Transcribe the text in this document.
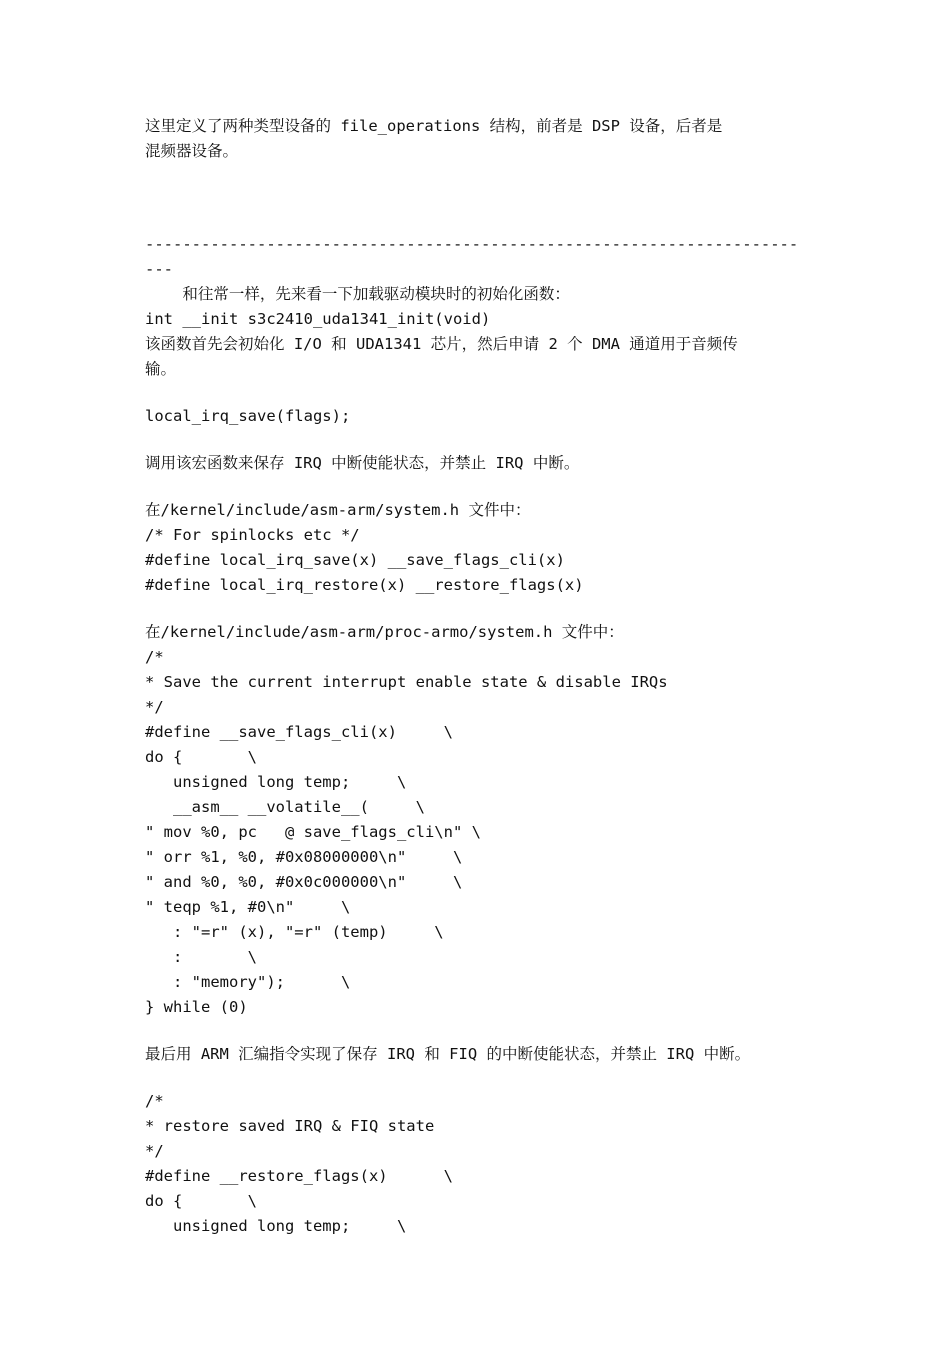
这里定义了两种类型设备的 file_operations 结构，前者是 DSP 设备，后者是

混频器设备。

----------------------------------------------------------------------

---

和往常一样，先来看一下加载驱动模块时的初始化函数：

int __init s3c2410_uda1341_init(void)

该函数首先会初始化 I/O 和 UDA1341 芯片，然后申请 2 个 DMA 通道用于音频传

输。

local_irq_save(flags);

调用该宏函数来保存 IRQ 中断使能状态，并禁止 IRQ 中断。

在/kernel/include/asm-arm/system.h 文件中：

/* For spinlocks etc */

#define local_irq_save(x) __save_flags_cli(x)

#define local_irq_restore(x) __restore_flags(x)

在/kernel/include/asm-arm/proc-armo/system.h 文件中：

/*

* Save the current interrupt enable state & disable IRQs

*/

#define __save_flags_cli(x)     \

do {       \

unsigned long temp;     \

__asm__ __volatile__(     \

" mov %0, pc   @ save_flags_cli\n" \

" orr %1, %0, #0x08000000\n"     \

" and %0, %0, #0x0c000000\n"     \

" teqp %1, #0\n"     \

: "=r" (x), "=r" (temp)     \

:       \

: "memory");      \

} while (0)

最后用 ARM 汇编指令实现了保存 IRQ 和 FIQ 的中断使能状态，并禁止 IRQ 中断。

/*

* restore saved IRQ & FIQ state

*/

#define __restore_flags(x)      \

do {       \

unsigned long temp;     \
